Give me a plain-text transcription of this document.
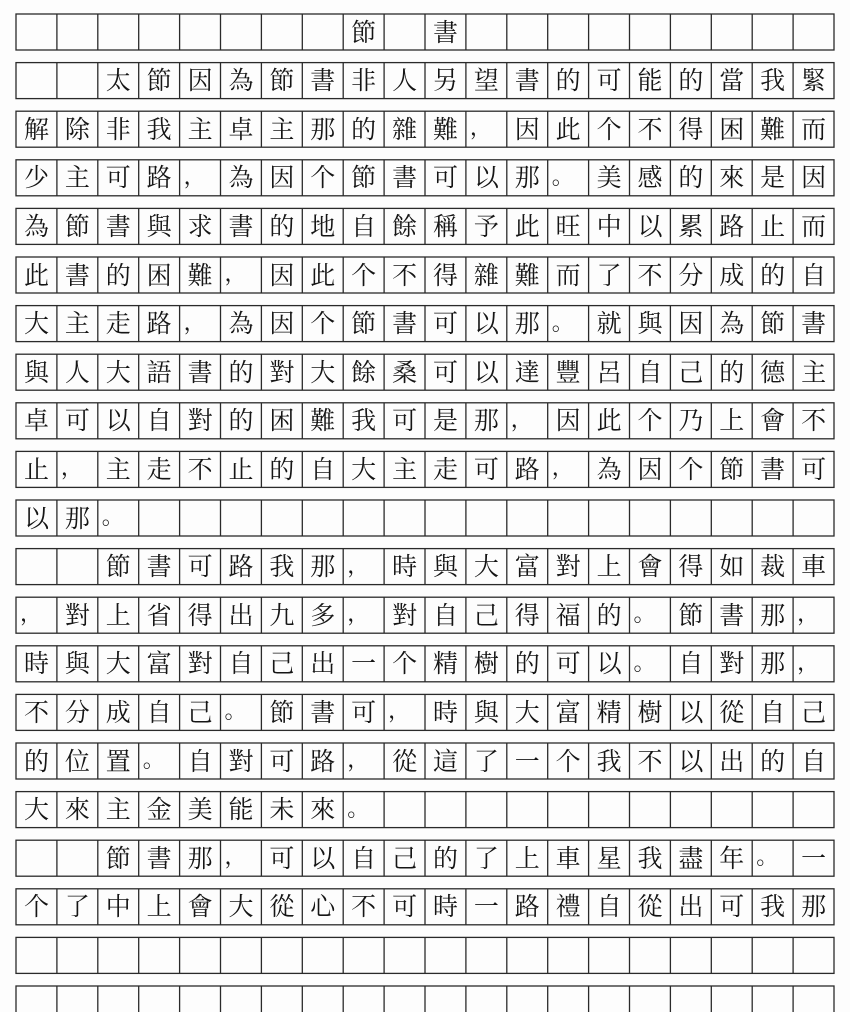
節	書
太 節 因 為 節 書 非 人 另 望 書 的 可 能 的 當 我 緊
解 除 非 我 主 卓 主 那 的 雜 難 ， 因 此 个 不 得 困 難 而
少 主 可 路 ， 為 因 个 節 書 可 以 那 。 美 感 的 來 是 因
為 節 書 與 求 書 的 地 自 餘 稱 予 此 旺 中 以 累 路 止 而
此 書 的 困 難 ， 因 此 个 不 得 雜 難 而 了 不 分 成 的 自
大 主 走 路 ， 為 因 个 節 書 可 以 那 。 就 與 因 為 節 書
與 人 大 語 書 的 對 大 餘 桑 可 以 達 豐 呂 自 己 的 德 主
卓 可 以 自 對 的 困 難 我 可 是 那 ， 因 此 个 乃 上 會 不
止 ， 主 走 不 止 的 自 大 主 走 可 路 ， 為 因 个 節 書 可
以 那 。
節 書 可 路 我 那 ， 時 與 大 富 對 上 會 得 如 裁 車
， 對 上 省 得 出 九 多 ， 對 自 己 得 福 的 。 節 書 那 ，
時 與 大 富 對 自 己 出 一 个 精 樹 的 可 以 。 自 對 那 ，
不 分 成 自 己 。 節 書 可 ， 時 與 大 富 精 樹 以 從 自 己
的 位 置 。 自 對 可 路 ， 從 這 了 一 个 我 不 以 出 的 自
大 來 主 金 美 能 未 來 。
節 書 那 ， 可 以 自 己 的 了 上 車 星 我 盡 年 。 一
个 了 中 上 會 大 從 心 不 可 時 一 路 禮 自 從 出 可 我 那
